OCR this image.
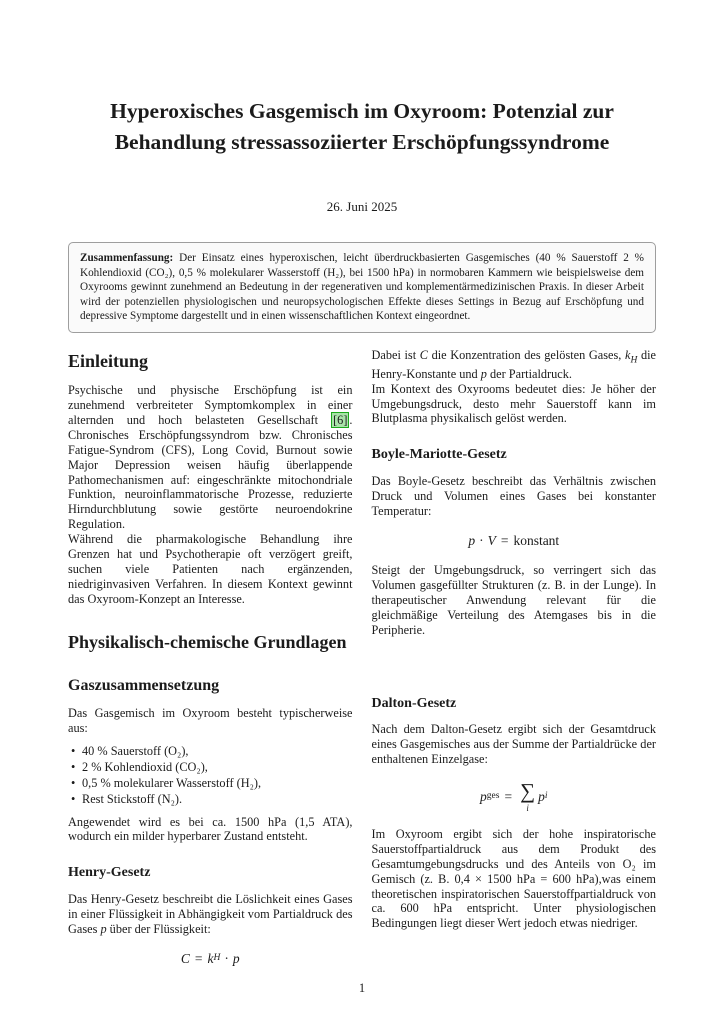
Hyperoxisches Gasgemisch im Oxyroom: Potenzial zur Behandlung stressassoziierter Erschöpfungssyndrome
26. Juni 2025
Zusammenfassung: Der Einsatz eines hyperoxischen, leicht überdruckbasierten Gasgemisches (40 % Sauerstoff 2 % Kohlendioxid (CO₂), 0,5 % molekularer Wasserstoff (H₂), bei 1500 hPa) in normobaren Kammern wie beispielsweise dem Oxyrooms gewinnt zunehmend an Bedeutung in der regenerativen und komplementärmedizinischen Praxis. In dieser Arbeit wird der potenziellen physiologischen und neuropsychologischen Effekte dieses Settings in Bezug auf Erschöpfung und depressive Symptome dargestellt und in einen wissenschaftlichen Kontext eingeordnet.
Einleitung

Psychische und physische Erschöpfung ist ein zunehmend verbreiteter Symptomkomplex in einer alternden und hoch belasteten Gesellschaft [6] . Chronisches Erschöpfungssyndrom bzw. Chronisches Fatigue-Syndrom (CFS), Long Covid, Burnout sowie Major Depression weisen häufig überlappende Pathomechanismen auf: eingeschränkte mitochondriale Funktion, neuroinflammatorische Prozesse, reduzierte Hirndurchblutung sowie gestörte neuroendokrine Regulation.

Während die pharmakologische Behandlung ihre Grenzen hat und Psychotherapie oft verzögert greift, suchen viele Patienten nach ergänzenden, niedriginvasiven Verfahren. In diesem Kontext gewinnt das Oxyroom-Konzept an Interesse.

Physikalisch-chemische Grundlagen
Gaszusammensetzung

Das Gasgemisch im Oxyroom besteht typischerweise aus:

• 40 % Sauerstoff (O₂),
• 2 % Kohlendioxid (CO₂),
• 0,5 % molekularer Wasserstoff (H₂),
• Rest Stickstoff (N₂).

Angewendet wird es bei ca. 1500 hPa (1,5 ATA), wodurch ein milder hyperbarer Zustand entsteht.

Henry-Gesetz

Das Henry-Gesetz beschreibt die Löslichkeit eines Gases in einer Flüssigkeit in Abhängigkeit vom Partialdruck des Gases p über der Flüssigkeit:

C = k H · p

Dabei ist C die Konzentration des gelösten Gases, $k_H$ die Henry-Konstante und p der Partialdruck.

Im Kontext des Oxyrooms bedeutet dies: Je höher der Umgebungsdruck, desto mehr Sauerstoff kann im Blutplasma physikalisch gelöst werden.

Boyle-Mariotte-Gesetz

Das Boyle-Gesetz beschreibt das Verhältnis zwischen Druck und Volumen eines Gases bei konstanter Temperatur:

p · V = konstant

Steigt der Umgebungsdruck, so verringert sich das Volumen gasgefüllter Strukturen (z. B. in der Lunge). In therapeutischer Anwendung relevant für die gleichmäßige Verteilung des Atemgases bis in die Peripherie.

Dalton-Gesetz

Nach dem Dalton-Gesetz ergibt sich der Gesamtdruck eines Gasgemisches aus der Summe der Partialdrücke der enthaltenen Einzelgase:

p ges = ∑
i
p i

Im Oxyroom ergibt sich der hohe inspiratorische Sauerstoffpartialdruck aus dem Produkt des Gesamtumgebungsdrucks und des Anteils von O₂ im Gemisch (z. B. 0,4 × 1500 hPa = 600 hPa),was einem theoretischen inspiratorischen Sauerstoffpartialdruck von ca. 600 hPa entspricht. Unter physiologischen Bedingungen liegt dieser Wert jedoch etwas niedriger.

1
